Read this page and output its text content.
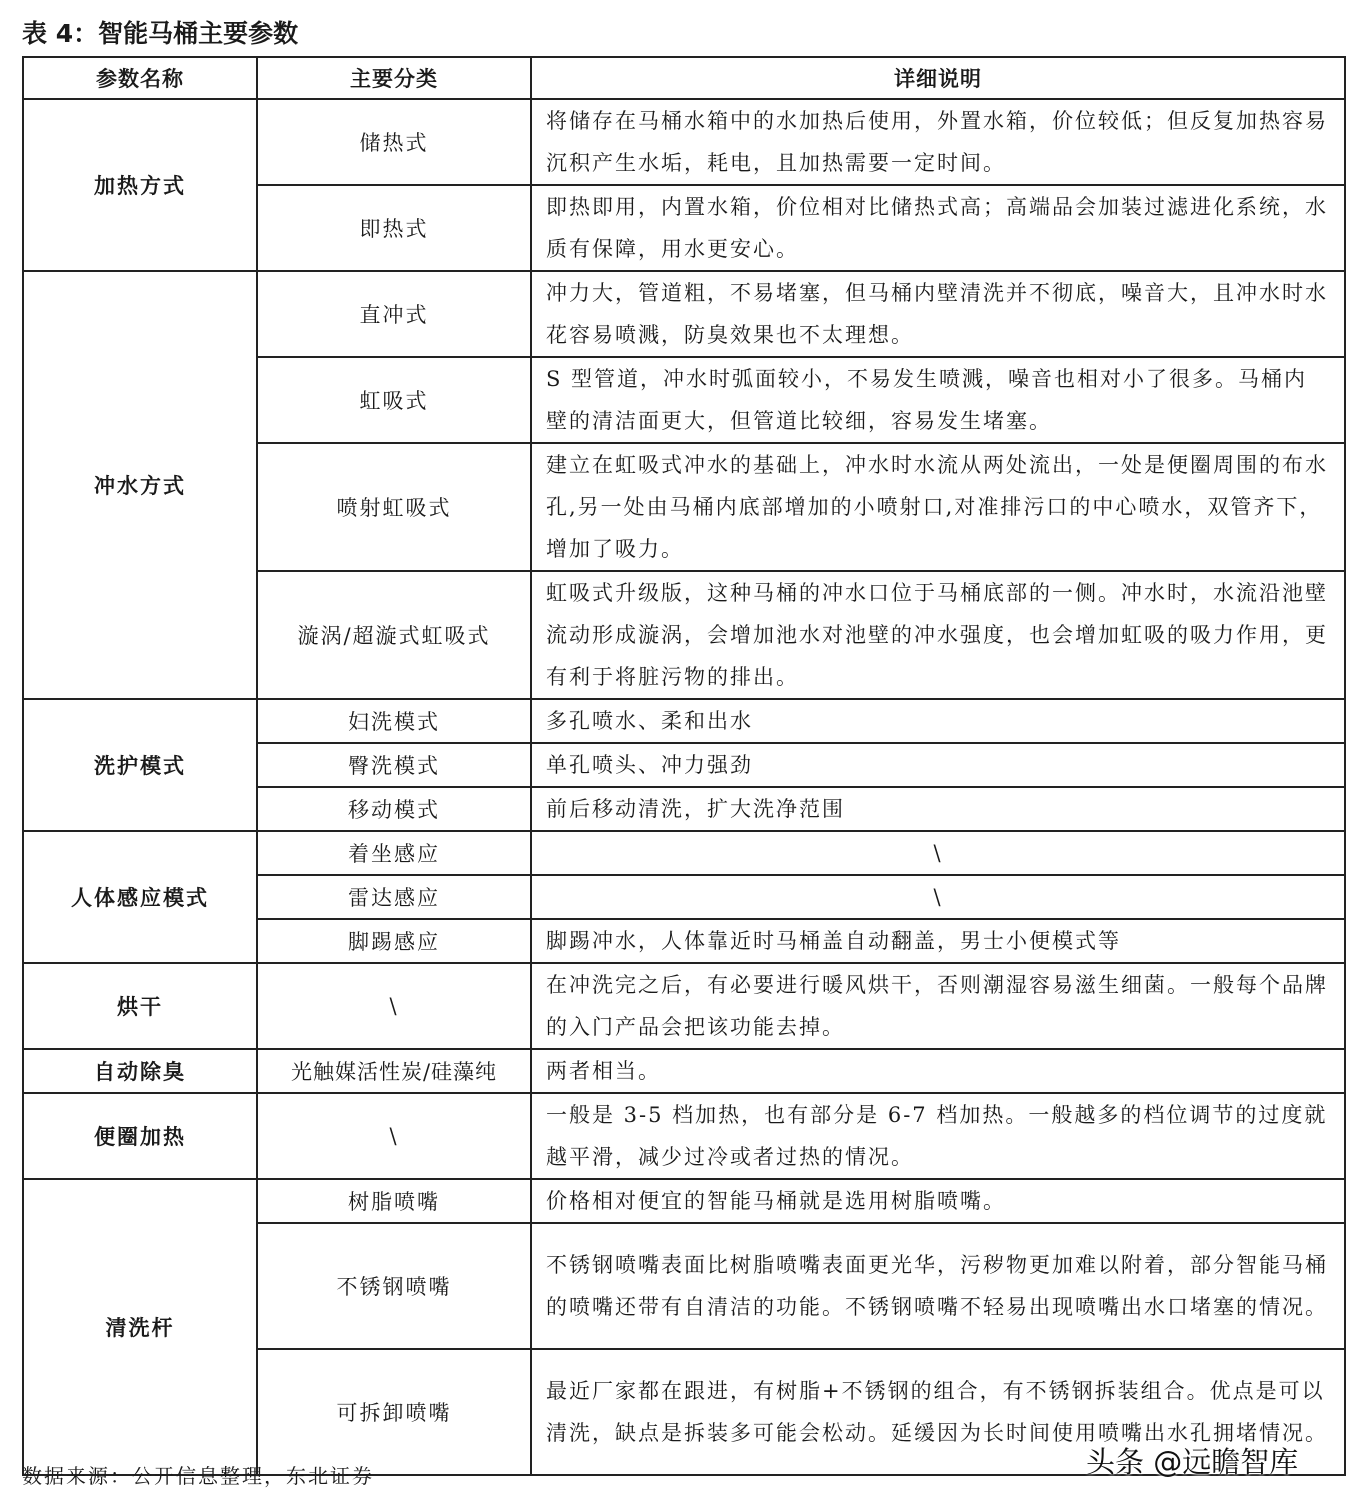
表 4：智能马桶主要参数
参数名称	主要分类	详细说明
加热方式	储热式	将储存在马桶水箱中的水加热后使用，外置水箱，价位较低；但反复加热容易沉积产生水垢，耗电，且加热需要一定时间。
	即热式	即热即用，内置水箱，价位相对比储热式高；高端品会加装过滤进化系统，水质有保障，用水更安心。
冲水方式	直冲式	冲力大，管道粗，不易堵塞，但马桶内壁清洗并不彻底，噪音大，且冲水时水花容易喷溅，防臭效果也不太理想。
	虹吸式	S 型管道，冲水时弧面较小，不易发生喷溅，噪音也相对小了很多。马桶内壁的清洁面更大，但管道比较细，容易发生堵塞。
	喷射虹吸式	建立在虹吸式冲水的基础上，冲水时水流从两处流出，一处是便圈周围的布水孔,另一处由马桶内底部增加的小喷射口,对准排污口的中心喷水，双管齐下，增加了吸力。
	漩涡/超漩式虹吸式	虹吸式升级版，这种马桶的冲水口位于马桶底部的一侧。冲水时，水流沿池壁流动形成漩涡，会增加池水对池壁的冲水强度，也会增加虹吸的吸力作用，更有利于将脏污物的排出。
洗护模式	妇洗模式	多孔喷水、柔和出水
	臀洗模式	单孔喷头、冲力强劲
	移动模式	前后移动清洗，扩大洗净范围
人体感应模式	着坐感应	\
	雷达感应	\
	脚踢感应	脚踢冲水，人体靠近时马桶盖自动翻盖，男士小便模式等
烘干	\	在冲洗完之后，有必要进行暖风烘干，否则潮湿容易滋生细菌。一般每个品牌的入门产品会把该功能去掉。
自动除臭	光触媒活性炭/硅藻纯	两者相当。
便圈加热	\	一般是 3-5 档加热，也有部分是 6-7 档加热。一般越多的档位调节的过度就越平滑，减少过冷或者过热的情况。
清洗杆	树脂喷嘴	价格相对便宜的智能马桶就是选用树脂喷嘴。
	不锈钢喷嘴	不锈钢喷嘴表面比树脂喷嘴表面更光华，污秽物更加难以附着，部分智能马桶的喷嘴还带有自清洁的功能。不锈钢喷嘴不轻易出现喷嘴出水口堵塞的情况。
	可拆卸喷嘴	最近厂家都在跟进，有树脂+不锈钢的组合，有不锈钢拆装组合。优点是可以清洗，缺点是拆装多可能会松动。延缓因为长时间使用喷嘴出水孔拥堵情况。
数据来源：公开信息整理，东北证券	头条 @远瞻智库
